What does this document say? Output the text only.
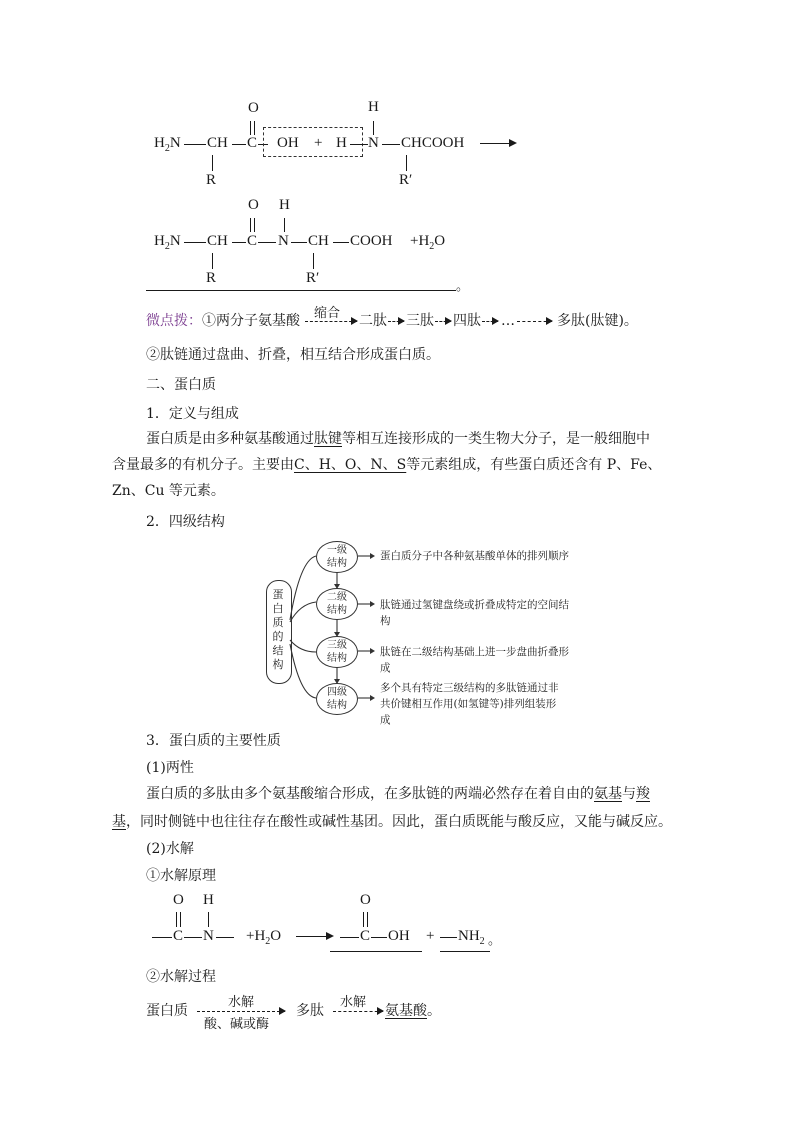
O	H
$H_2N$ CH C OH + H N CHCOOH
R	R′
O H
$H_2N$ CH C N CH COOH $+H_2O$
R	R′
。
微点拨：①两分子氨基酸 缩合 二肽 三肽 四肽 …	多肽(肽键)。
②肽链通过盘曲、折叠，相互结合形成蛋白质。
二、蛋白质
1．定义与组成
蛋白质是由多种氨基酸通过肽键等相互连接形成的一类生物大分子，是一般细胞中含量最多的有机分子。主要由C、H、O、N、S等元素组成，有些蛋白质还含有 P、Fe、Zn、Cu 等元素。
2．四级结构
蛋
白
质
的
结
构
一级
结构
蛋白质分子中各种氨基酸单体的排列顺序
二级
结构	肽链通过氢键盘绕或折叠成特定的空间结构
三级
结构
肽链在二级结构基础上进一步盘曲折叠形成
四级
结构
多个具有特定三级结构的多肽链通过非共价键相互作用(如氢键等)排列组装形成
3．蛋白质的主要性质
(1)两性
蛋白质的多肽由多个氨基酸缩合形成，在多肽链的两端必然存在着自由的氨基与羧基，同时侧链中也往往存在酸性或碱性基团。因此，蛋白质既能与酸反应，又能与碱反应。
(2)水解
①水解原理
O H
C $N +H_2O$
O
C OH + $NH_2$ 。
②水解过程
蛋白质
水解
酸、碱或酶
多肽
水解
氨基酸 。
